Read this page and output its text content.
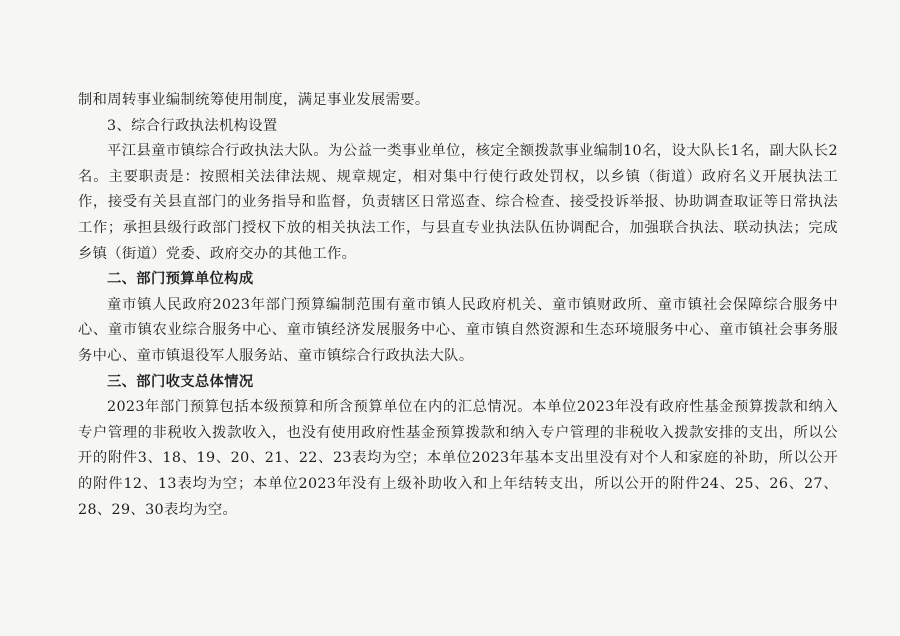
制和周转事业编制统筹使用制度，满足事业发展需要。

3、综合行政执法机构设置

平江县童市镇综合行政执法大队。为公益一类事业单位，核定全额拨款事业编制10名，设大队长1名，副大队长2名。主要职责是：按照相关法律法规、规章规定，相对集中行使行政处罚权，以乡镇（街道）政府名义开展执法工作，接受有关县直部门的业务指导和监督，负责辖区日常巡查、综合检查、接受投诉举报、协助调查取证等日常执法工作；承担县级行政部门授权下放的相关执法工作，与县直专业执法队伍协调配合，加强联合执法、联动执法；完成乡镇（街道）党委、政府交办的其他工作。

二、部门预算单位构成

童市镇人民政府2023年部门预算编制范围有童市镇人民政府机关、童市镇财政所、童市镇社会保障综合服务中心、童市镇农业综合服务中心、童市镇经济发展服务中心、童市镇自然资源和生态环境服务中心、童市镇社会事务服务中心、童市镇退役军人服务站、童市镇综合行政执法大队。

三、部门收支总体情况

2023年部门预算包括本级预算和所含预算单位在内的汇总情况。本单位2023年没有政府性基金预算拨款和纳入专户管理的非税收入拨款收入，也没有使用政府性基金预算拨款和纳入专户管理的非税收入拨款安排的支出，所以公开的附件3、18、19、20、21、22、23表均为空；本单位2023年基本支出里没有对个人和家庭的补助，所以公开的附件12、13表均为空；本单位2023年没有上级补助收入和上年结转支出，所以公开的附件24、25、26、27、28、29、30表均为空。
